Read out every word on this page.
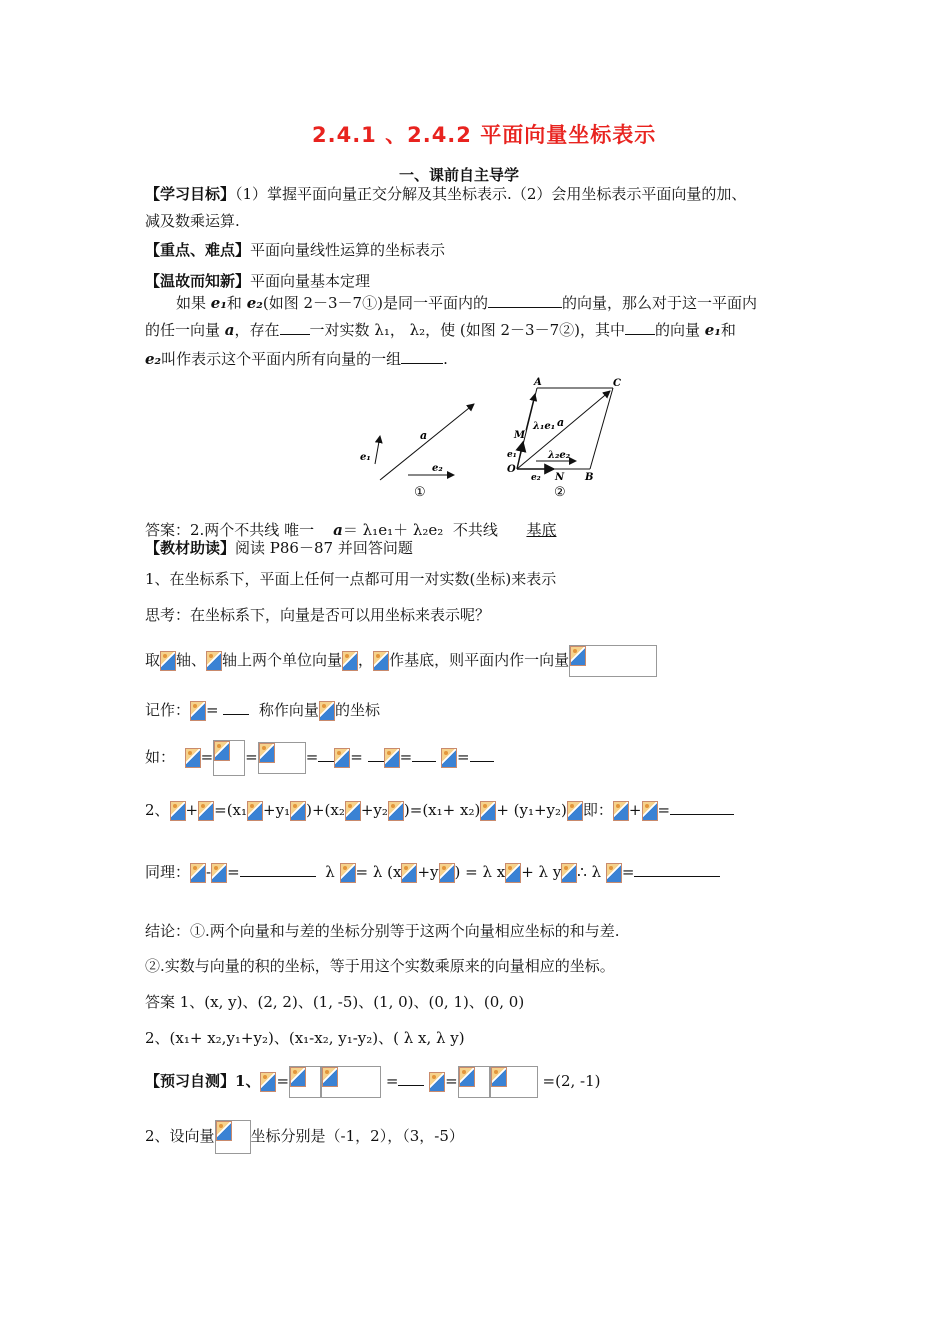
2.4.1 、2.4.2 平面向量坐标表示
一、课前自主导学
【学习目标】（1）掌握平面向量正交分解及其坐标表示.（2）会用坐标表示平面向量的加、
减及数乘运算.
【重点、难点】平面向量线性运算的坐标表示
【温故而知新】平面向量基本定理
如果 e₁和 e₂(如图 2－3－7①)是同一平面内的	的向量，那么对于这一平面内
的任一向量 a，存在 一对实数 λ₁， λ₂，使 (如图 2－3－7②)，其中 的向量 e₁和
e₂叫作表示这个平面内所有向量的一组	.
a
e₁
e₂
①
A	C
M
O
N B
λ₁e₁ a
λ₂e₂
e₁
e₂
②
答案：2.两个不共线 唯一 a＝ λ₁e₁＋ λ₂e₂ 不共线 基底
【教材助读】阅读 P86－87 并回答问题
1、在坐标系下，平面上任何一点都可用一对实数(坐标)来表示
思考：在坐标系下，向量是否可以用坐标来表示呢？
取 轴、 轴上两个单位向量 ， 作基底，则平面内作一向量
记作： =	称作向量 的坐标
如： = =	= = =	=
2、 + =(x₁ +y₁ )+(x₂ +y₂ )=(x₁+ x₂) + (y₁+y₂) 即： + =
同理： - =	λ = λ (x +y ) = λ x + λ y ∴ λ =
结论：①.两个向量和与差的坐标分别等于这两个向量相应坐标的和与差.
②.实数与向量的积的坐标，等于用这个实数乘原来的向量相应的坐标。
答案 1、(x, y)、(2, 2)、(1, -5)、(1, 0)、(0, 1)、(0, 0)
2、(x₁+ x₂,y₁+y₂)、(x₁-x₂, y₁-y₂)、( λ x, λ y)
【预习自测】1、 =	=	=	=(2, -1)
2、设向量 坐标分别是（-1，2），（3，-5）
